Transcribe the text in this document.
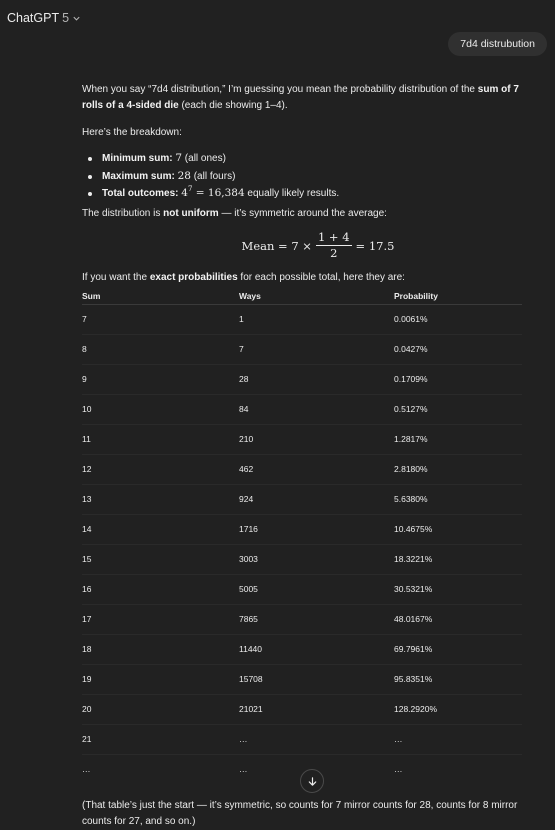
ChatGPT 5
7d4 distrubution

When you say “7d4 distribution,” I’m guessing you mean the probability distribution of the sum of 7 rolls of a 4-sided die (each die showing 1–4).

Here’s the breakdown:

Minimum sum: 7 (all ones)
Maximum sum: 28 (all fours)
Total outcomes: $4^7 = 16,384$ equally likely results.

The distribution is not uniform — it’s symmetric around the average:

Mean = $7 \times \frac{1 + 4}{2} = 17.5$

If you want the exact probabilities for each possible total, here they are:

Sum	Ways	Probability
7	1	0.0061%
8	7	0.0427%
9	28	0.1709%
10	84	0.5127%
11	210	1.2817%
12	462	2.8180%
13	924	5.6380%
14	1716	10.4675%
15	3003	18.3221%
16	5005	30.5321%
17	7865	48.0167%
18	11440	69.7961%
19	15708	95.8351%
20	21021	128.2920%
21	…	…
…	…	…

(That table’s just the start — it’s symmetric, so counts for 7 mirror counts for 28, counts for 8 mirror counts for 27, and so on.)
